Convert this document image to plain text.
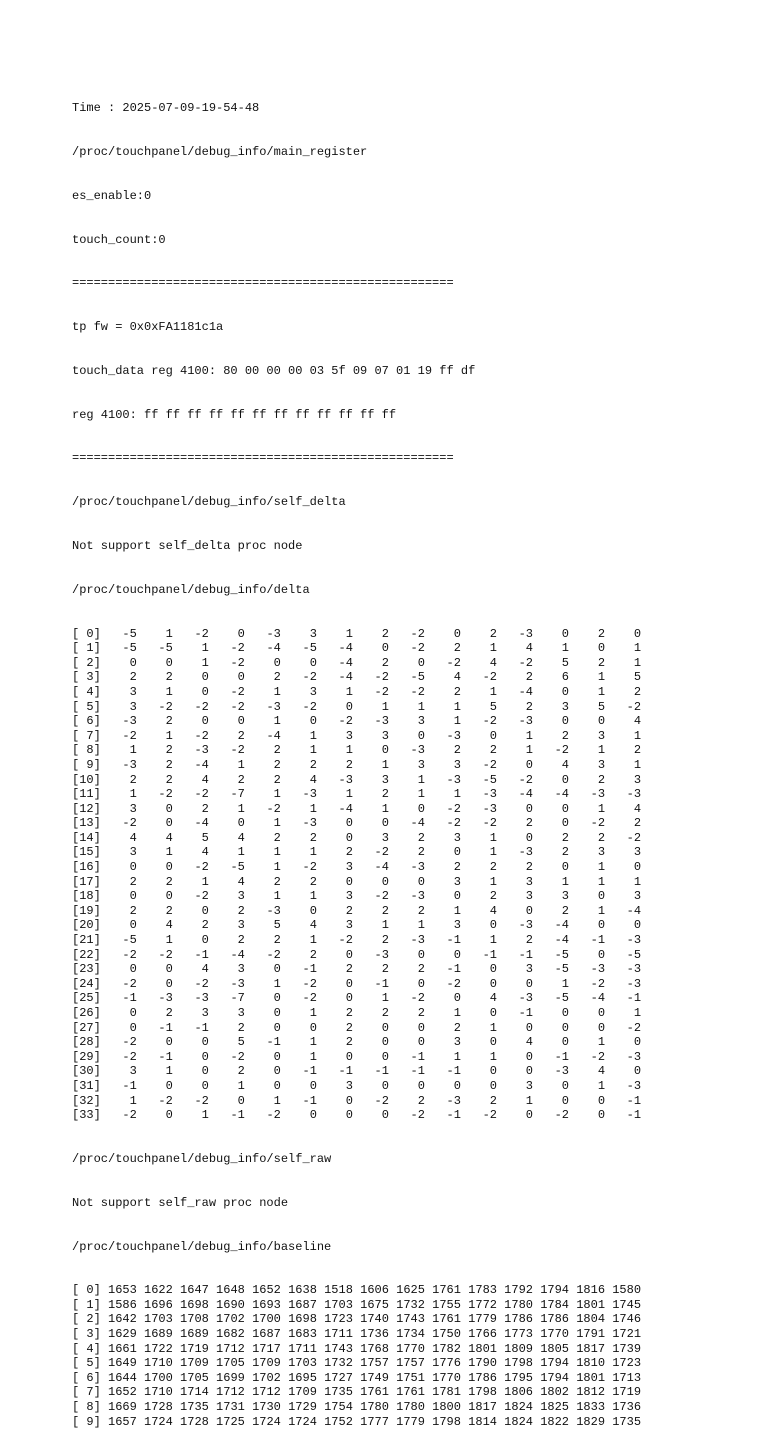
Time : 2025-07-09-19-54-48

/proc/touchpanel/debug_info/main_register

es_enable:0

touch_count:0

=====================================================

tp fw = 0x0xFA1181c1a

touch_data reg 4100: 80 00 00 00 03 5f 09 07 01 19 ff df

reg 4100: ff ff ff ff ff ff ff ff ff ff ff ff

=====================================================

/proc/touchpanel/debug_info/self_delta

Not support self_delta proc node

/proc/touchpanel/debug_info/delta

[ 0]   -5    1   -2    0   -3    3    1    2   -2    0    2   -3    0    2    0
[ 1]   -5   -5    1   -2   -4   -5   -4    0   -2    2    1    4    1    0    1
[ 2]    0    0    1   -2    0    0   -4    2    0   -2    4   -2    5    2    1
[ 3]    2    2    0    0    2   -2   -4   -2   -5    4   -2    2    6    1    5
[ 4]    3    1    0   -2    1    3    1   -2   -2    2    1   -4    0    1    2
[ 5]    3   -2   -2   -2   -3   -2    0    1    1    1    5    2    3    5   -2
[ 6]   -3    2    0    0    1    0   -2   -3    3    1   -2   -3    0    0    4
[ 7]   -2    1   -2    2   -4    1    3    3    0   -3    0    1    2    3    1
[ 8]    1    2   -3   -2    2    1    1    0   -3    2    2    1   -2    1    2
[ 9]   -3    2   -4    1    2    2    2    1    3    3   -2    0    4    3    1
[10]    2    2    4    2    2    4   -3    3    1   -3   -5   -2    0    2    3
[11]    1   -2   -2   -7    1   -3    1    2    1    1   -3   -4   -4   -3   -3
[12]    3    0    2    1   -2    1   -4    1    0   -2   -3    0    0    1    4
[13]   -2    0   -4    0    1   -3    0    0   -4   -2   -2    2    0   -2    2
[14]    4    4    5    4    2    2    0    3    2    3    1    0    2    2   -2
[15]    3    1    4    1    1    1    2   -2    2    0    1   -3    2    3    3
[16]    0    0   -2   -5    1   -2    3   -4   -3    2    2    2    0    1    0
[17]    2    2    1    4    2    2    0    0    0    3    1    3    1    1    1
[18]    0    0   -2    3    1    1    3   -2   -3    0    2    3    3    0    3
[19]    2    2    0    2   -3    0    2    2    2    1    4    0    2    1   -4
[20]    0    4    2    3    5    4    3    1    1    3    0   -3   -4    0    0
[21]   -5    1    0    2    2    1   -2    2   -3   -1    1    2   -4   -1   -3
[22]   -2   -2   -1   -4   -2    2    0   -3    0    0   -1   -1   -5    0   -5
[23]    0    0    4    3    0   -1    2    2    2   -1    0    3   -5   -3   -3
[24]   -2    0   -2   -3    1   -2    0   -1    0   -2    0    0    1   -2   -3
[25]   -1   -3   -3   -7    0   -2    0    1   -2    0    4   -3   -5   -4   -1
[26]    0    2    3    3    0    1    2    2    2    1    0   -1    0    0    1
[27]    0   -1   -1    2    0    0    2    0    0    2    1    0    0    0   -2
[28]   -2    0    0    5   -1    1    2    0    0    3    0    4    0    1    0
[29]   -2   -1    0   -2    0    1    0    0   -1    1    1    0   -1   -2   -3
[30]    3    1    0    2    0   -1   -1   -1   -1   -1    0    0   -3    4    0
[31]   -1    0    0    1    0    0    3    0    0    0    0    3    0    1   -3
[32]    1   -2   -2    0    1   -1    0   -2    2   -3    2    1    0    0   -1
[33]   -2    0    1   -1   -2    0    0    0   -2   -1   -2    0   -2    0   -1

/proc/touchpanel/debug_info/self_raw

Not support self_raw proc node

/proc/touchpanel/debug_info/baseline

[ 0] 1653 1622 1647 1648 1652 1638 1518 1606 1625 1761 1783 1792 1794 1816 1580
[ 1] 1586 1696 1698 1690 1693 1687 1703 1675 1732 1755 1772 1780 1784 1801 1745
[ 2] 1642 1703 1708 1702 1700 1698 1723 1740 1743 1761 1779 1786 1786 1804 1746
[ 3] 1629 1689 1689 1682 1687 1683 1711 1736 1734 1750 1766 1773 1770 1791 1721
[ 4] 1661 1722 1719 1712 1717 1711 1743 1768 1770 1782 1801 1809 1805 1817 1739
[ 5] 1649 1710 1709 1705 1709 1703 1732 1757 1757 1776 1790 1798 1794 1810 1723
[ 6] 1644 1700 1705 1699 1702 1695 1727 1749 1751 1770 1786 1795 1794 1801 1713
[ 7] 1652 1710 1714 1712 1712 1709 1735 1761 1761 1781 1798 1806 1802 1812 1719
[ 8] 1669 1728 1735 1731 1730 1729 1754 1780 1780 1800 1817 1824 1825 1833 1736
[ 9] 1657 1724 1728 1725 1724 1724 1752 1777 1779 1798 1814 1824 1822 1829 1735
